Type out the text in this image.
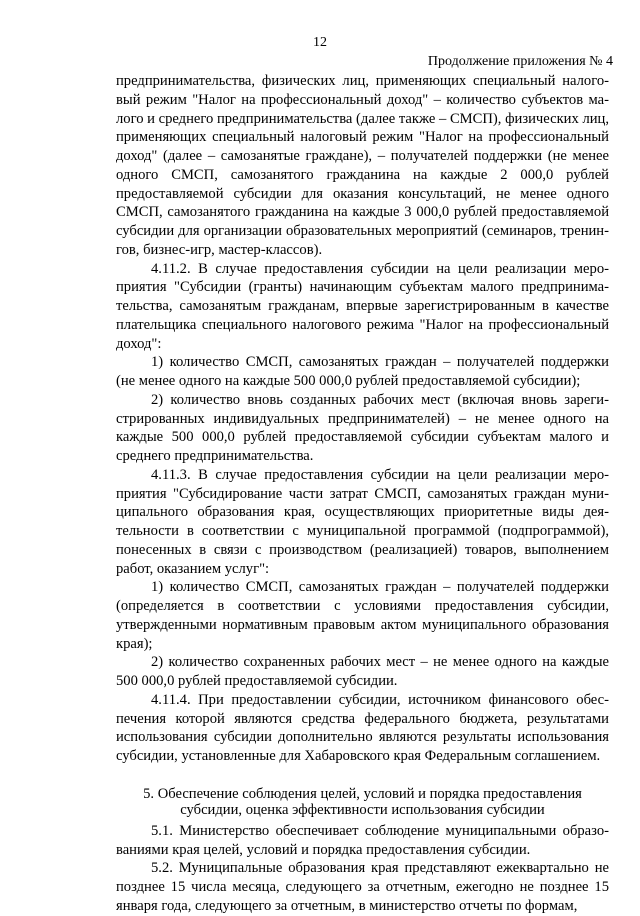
12
Продолжение приложения № 4

предпринимательства, физических лиц, применяющих специальный налоговый режим "Налог на профессиональный доход" – количество субъектов малого и среднего предпринимательства (далее также – СМСП), физических лиц, применяющих специальный налоговый режим "Налог на профессиональный доход" (далее – самозанятые граждане), – получателей поддержки (не менее одного СМСП, самозанятого гражданина на каждые 2 000,0 рублей предоставляемой субсидии для оказания консультаций, не менее одного СМСП, самозанятого гражданина на каждые 3 000,0 рублей предоставляемой субсидии для организации образовательных мероприятий (семинаров, тренингов, бизнес-игр, мастер-классов).

4.11.2. В случае предоставления субсидии на цели реализации мероприятия "Субсидии (гранты) начинающим субъектам малого предпринимательства, самозанятым гражданам, впервые зарегистрированным в качестве плательщика специального налогового режима "Налог на профессиональный доход":

1) количество СМСП, самозанятых граждан – получателей поддержки (не менее одного на каждые 500 000,0 рублей предоставляемой субсидии);

2) количество вновь созданных рабочих мест (включая вновь зарегистрированных индивидуальных предпринимателей) – не менее одного на каждые 500 000,0 рублей предоставляемой субсидии субъектам малого и среднего предпринимательства.

4.11.3. В случае предоставления субсидии на цели реализации мероприятия "Субсидирование части затрат СМСП, самозанятых граждан муниципального образования края, осуществляющих приоритетные виды деятельности в соответствии с муниципальной программой (подпрограммой), понесенных в связи с производством (реализацией) товаров, выполнением работ, оказанием услуг":

1) количество СМСП, самозанятых граждан – получателей поддержки (определяется в соответствии с условиями предоставления субсидии, утвержденными нормативным правовым актом муниципального образования края);

2) количество сохраненных рабочих мест – не менее одного на каждые 500 000,0 рублей предоставляемой субсидии.

4.11.4. При предоставлении субсидии, источником финансового обеспечения которой являются средства федерального бюджета, результатами использования субсидии дополнительно являются результаты использования субсидии, установленные для Хабаровского края Федеральным соглашением.

5. Обеспечение соблюдения целей, условий и порядка предоставления
субсидии, оценка эффективности использования субсидии

5.1. Министерство обеспечивает соблюдение муниципальными образованиями края целей, условий и порядка предоставления субсидии.

5.2. Муниципальные образования края представляют ежеквартально не позднее 15 числа месяца, следующего за отчетным, ежегодно не позднее 15 января года, следующего за отчетным, в министерство отчеты по формам,
